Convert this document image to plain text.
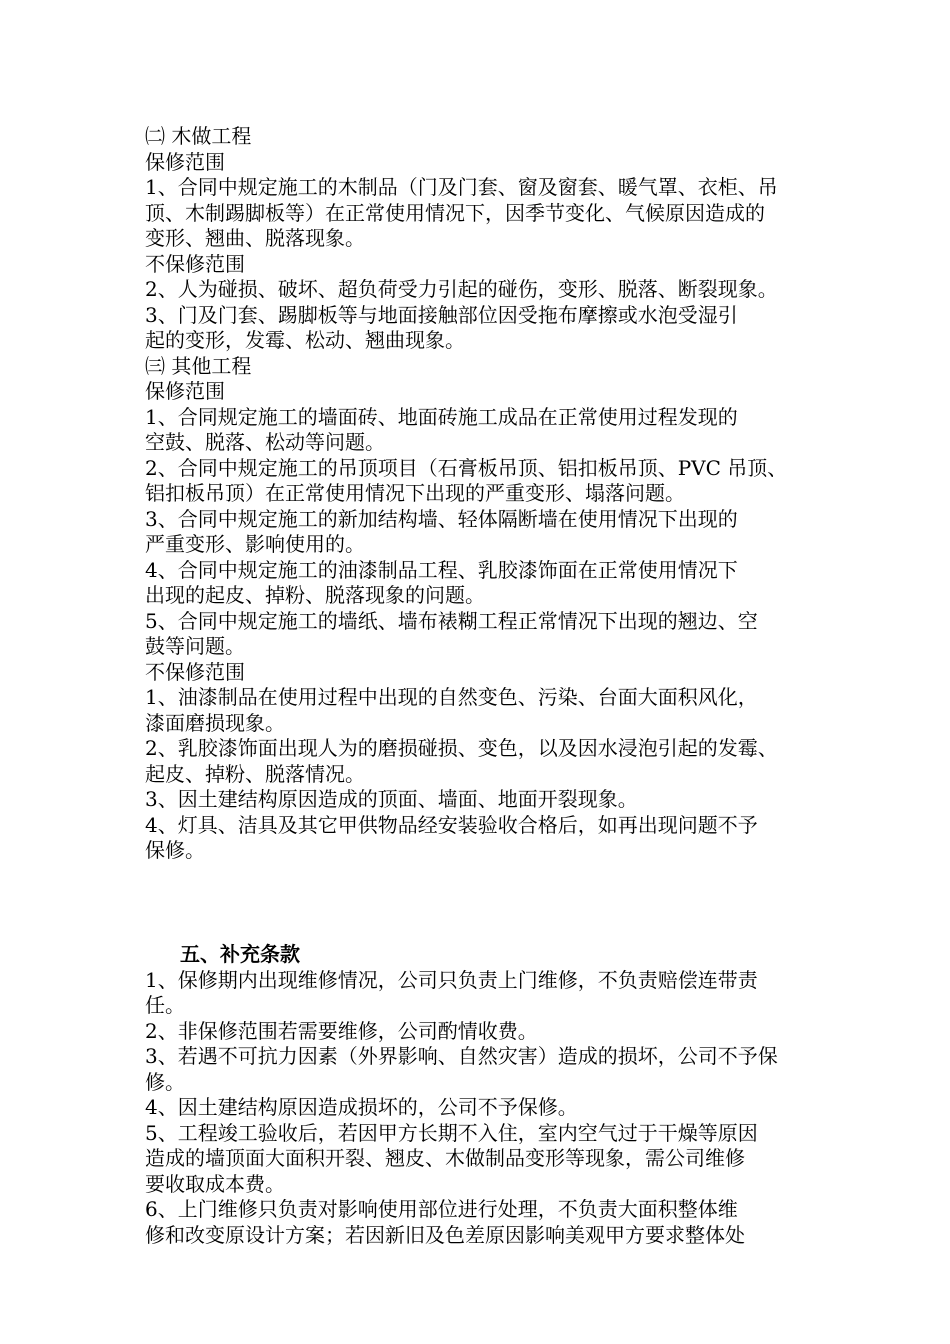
㈡ 木做工程
保修范围
1、合同中规定施工的木制品（门及门套、窗及窗套、暖气罩、衣柜、吊
顶、木制踢脚板等）在正常使用情况下，因季节变化、气候原因造成的
变形、翘曲、脱落现象。
不保修范围
2、人为碰损、破坏、超负荷受力引起的碰伤，变形、脱落、断裂现象。
3、门及门套、踢脚板等与地面接触部位因受拖布摩擦或水泡受湿引
起的变形，发霉、松动、翘曲现象。
㈢ 其他工程
保修范围
1、合同规定施工的墙面砖、地面砖施工成品在正常使用过程发现的
空鼓、脱落、松动等问题。
2、合同中规定施工的吊顶项目（石膏板吊顶、铝扣板吊顶、PVC 吊顶、
铝扣板吊顶）在正常使用情况下出现的严重变形、塌落问题。
3、合同中规定施工的新加结构墙、轻体隔断墙在使用情况下出现的
严重变形、影响使用的。
4、合同中规定施工的油漆制品工程、乳胶漆饰面在正常使用情况下
出现的起皮、掉粉、脱落现象的问题。
5、合同中规定施工的墙纸、墙布裱糊工程正常情况下出现的翘边、空
鼓等问题。
不保修范围
1、油漆制品在使用过程中出现的自然变色、污染、台面大面积风化，
漆面磨损现象。
2、乳胶漆饰面出现人为的磨损碰损、变色，以及因水浸泡引起的发霉、
起皮、掉粉、脱落情况。
3、因土建结构原因造成的顶面、墙面、地面开裂现象。
4、灯具、洁具及其它甲供物品经安装验收合格后，如再出现问题不予
保修。
五、补充条款
1、保修期内出现维修情况，公司只负责上门维修，不负责赔偿连带责
任。
2、非保修范围若需要维修，公司酌情收费。
3、若遇不可抗力因素（外界影响、自然灾害）造成的损坏，公司不予保
修。
4、因土建结构原因造成损坏的，公司不予保修。
5、工程竣工验收后，若因甲方长期不入住，室内空气过于干燥等原因
造成的墙顶面大面积开裂、翘皮、木做制品变形等现象，需公司维修
要收取成本费。
6、上门维修只负责对影响使用部位进行处理，不负责大面积整体维
修和改变原设计方案；若因新旧及色差原因影响美观甲方要求整体处
